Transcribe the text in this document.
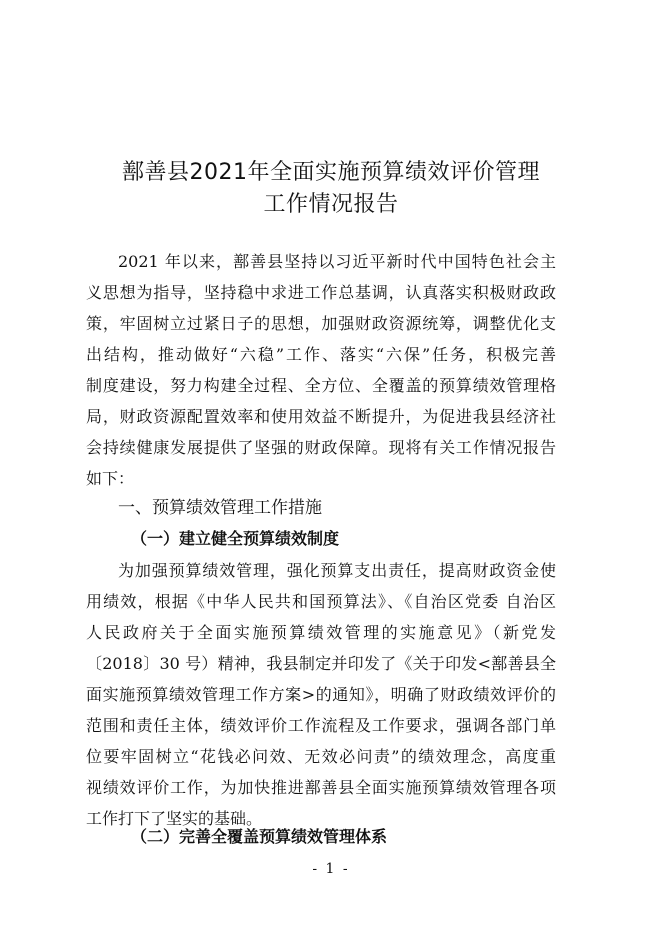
鄯善县2021年全面实施预算绩效评价管理
工作情况报告
2021 年以来，鄯善县坚持以习近平新时代中国特色社会主
义思想为指导，坚持稳中求进工作总基调，认真落实积极财政政
策，牢固树立过紧日子的思想，加强财政资源统筹，调整优化支
出结构，推动做好“六稳”工作、落实“六保”任务，积极完善
制度建设，努力构建全过程、全方位、全覆盖的预算绩效管理格
局，财政资源配置效率和使用效益不断提升，为促进我县经济社
会持续健康发展提供了坚强的财政保障。现将有关工作情况报告
如下：
一、预算绩效管理工作措施
（一）建立健全预算绩效制度
为加强预算绩效管理，强化预算支出责任，提高财政资金使
用绩效，根据《中华人民共和国预算法》、《自治区党委 自治区
人民政府关于全面实施预算绩效管理的实施意见》（新党发
〔2018〕30 号）精神，我县制定并印发了《关于印发<鄯善县全
面实施预算绩效管理工作方案>的通知》，明确了财政绩效评价的
范围和责任主体，绩效评价工作流程及工作要求，强调各部门单
位要牢固树立“花钱必问效、无效必问责”的绩效理念，高度重
视绩效评价工作，为加快推进鄯善县全面实施预算绩效管理各项
工作打下了坚实的基础。
（二）完善全覆盖预算绩效管理体系
- 1 -
